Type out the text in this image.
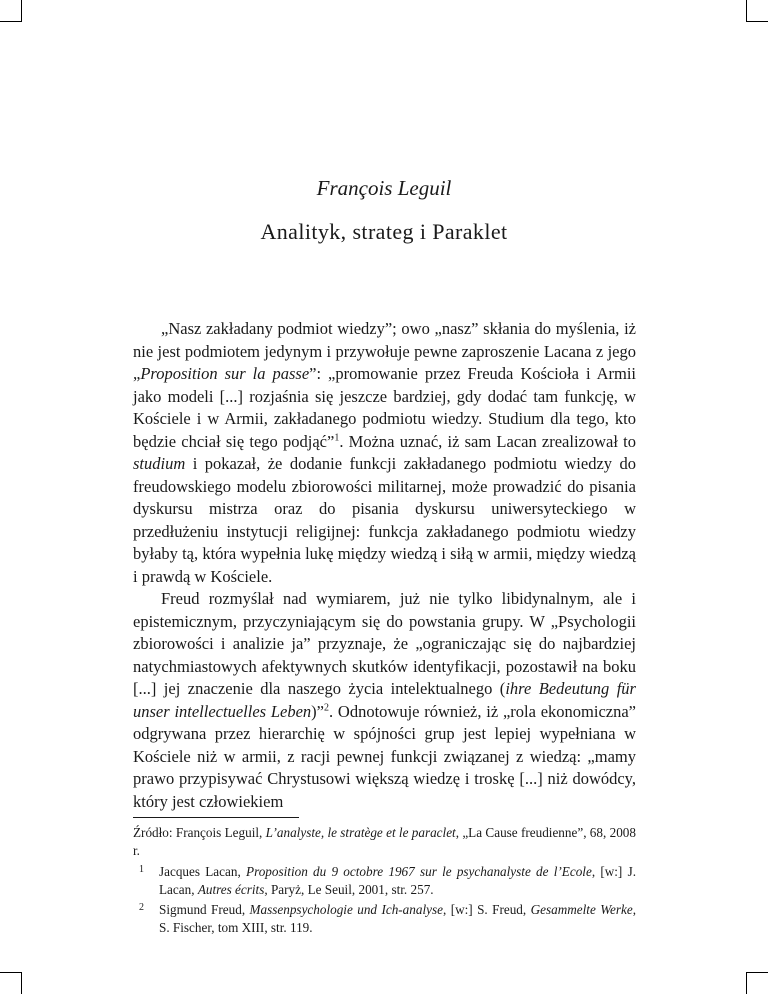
François Leguil
Analityk, strateg i Paraklet

„Nasz zakładany podmiot wiedzy”; owo „nasz” skłania do myślenia, iż nie jest podmiotem jedynym i przywołuje pewne zaproszenie Lacana z jego „Proposition sur la passe”: „promowanie przez Freuda Kościoła i Armii jako modeli [...] rozjaśnia się jeszcze bardziej, gdy dodać tam funkcję, w Kościele i w Armii, zakładanego podmiotu wiedzy. Studium dla tego, kto będzie chciał się tego podjąć”$^1$. Można uznać, iż sam Lacan zrealizował to studium i pokazał, że dodanie funkcji zakładanego podmiotu wiedzy do freudowskiego modelu zbiorowości militarnej, może prowadzić do pisania dyskursu mistrza oraz do pisania dyskursu uniwersyteckiego w przedłużeniu instytucji religijnej: funkcja zakładanego podmiotu wiedzy byłaby tą, która wypełnia lukę między wiedzą i siłą w armii, między wiedzą i prawdą w Kościele.

Freud rozmyślał nad wymiarem, już nie tylko libidynalnym, ale i epistemicznym, przyczyniającym się do powstania grupy. W „Psychologii zbiorowości i analizie ja” przyznaje, że „ograniczając się do najbardziej natychmiastowych afektywnych skutków identyfikacji, pozostawił na boku [...] jej znaczenie dla naszego życia intelektualnego (ihre Bedeutung für unser intellectuelles Leben)”$^2$. Odnotowuje również, iż „rola ekonomiczna” odgrywana przez hierarchię w spójności grup jest lepiej wypełniana w Kościele niż w armii, z racji pewnej funkcji związanej z wiedzą: „mamy prawo przypisywać Chrystusowi większą wiedzę i troskę [...] niż dowódcy, który jest człowiekiem

Źródło: François Leguil, L’analyste, le stratège et le paraclet, „La Cause freudienne”, 68, 2008 r.

1 Jacques Lacan, Proposition du 9 octobre 1967 sur le psychanalyste de l’Ecole, [w:] J. Lacan, Autres écrits, Paryż, Le Seuil, 2001, str. 257.

2 Sigmund Freud, Massenpsychologie und Ich-analyse, [w:] S. Freud, Gesammelte Werke, S. Fischer, tom XIII, str. 119.
